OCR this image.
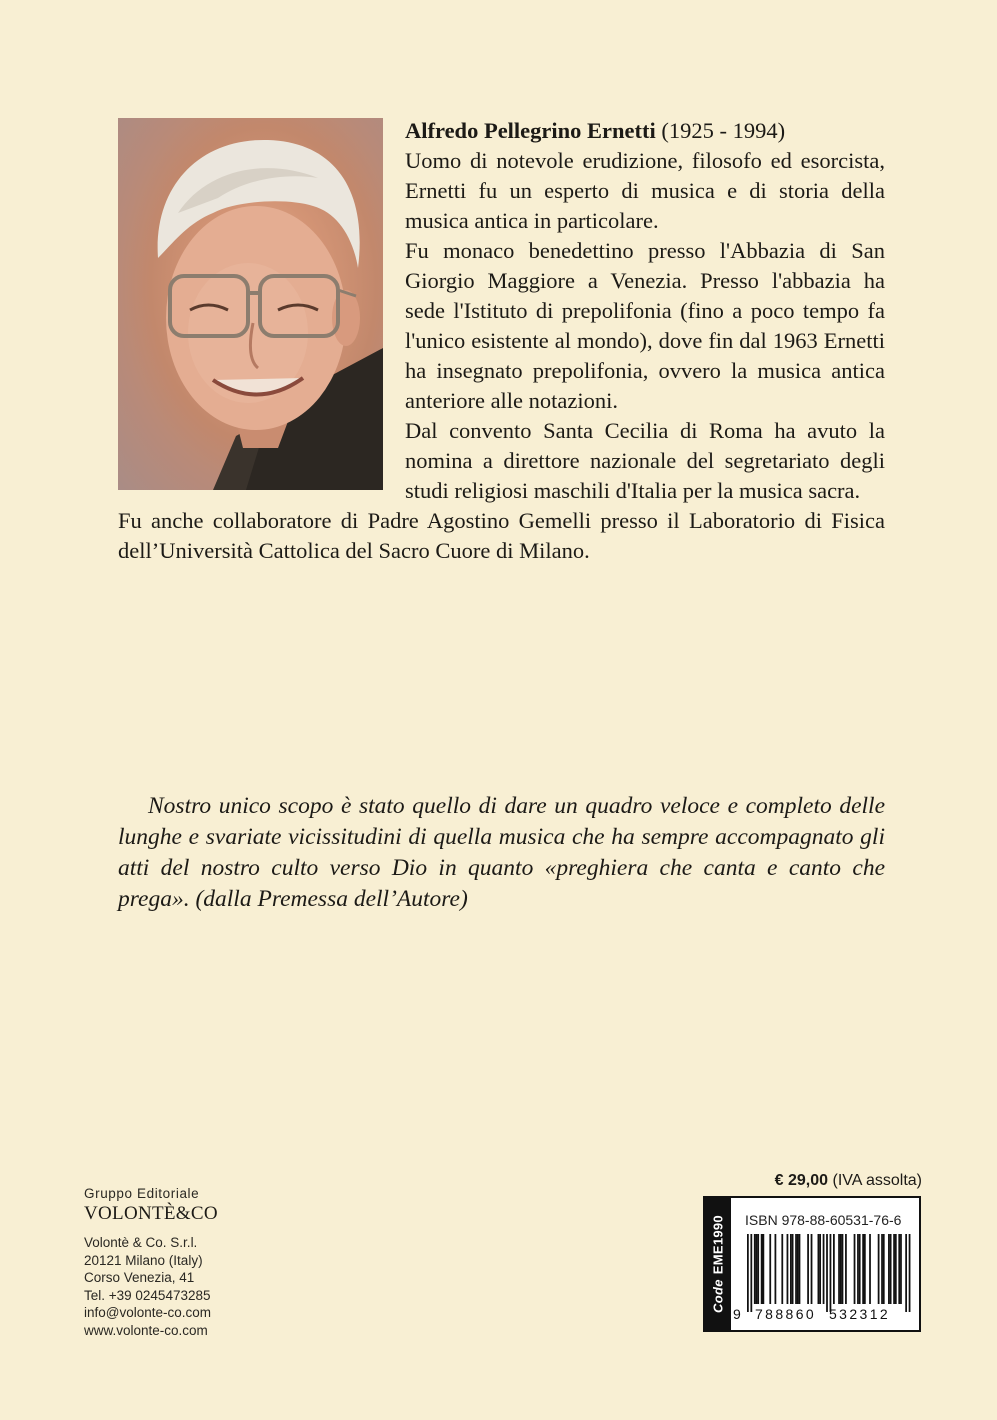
Alfredo Pellegrino Ernetti (1925 - 1994)

Uomo di notevole erudizione, filosofo ed esorcista, Ernetti fu un esperto di musica e di storia della musica antica in particolare.

Fu monaco benedettino presso l'Abbazia di San Giorgio Maggiore a Venezia. Presso l'abbazia ha sede l'Istituto di prepolifonia (fino a poco tempo fa l'unico esistente al mondo), dove fin dal 1963 Ernetti ha insegnato prepolifonia, ovvero la musica antica anteriore alle notazioni.

Dal convento Santa Cecilia di Roma ha avuto la nomina a direttore nazionale del segretariato degli studi religiosi maschili d'Italia per la musica sacra.

Fu anche collaboratore di Padre Agostino Gemelli presso il Laboratorio di Fisica dell’Università Cattolica del Sacro Cuore di Milano.

Nostro unico scopo è stato quello di dare un quadro veloce e completo delle lunghe e svariate vicissitudini di quella musica che ha sempre accompagnato gli atti del nostro culto verso Dio in quanto «preghiera che canta e canto che prega». (dalla Premessa dell’Autore)

Gruppo Editoriale
VOLONTÈ&CO
Volontè & Co. S.r.l.
20121 Milano (Italy)
Corso Venezia, 41
Tel. +39 0245473285
info@volonte-co.com
www.volonte-co.com
€ 29,00 (IVA assolta)
CodeEME1990 ISBN 978-88-60531-76-6
9 788860 532312
